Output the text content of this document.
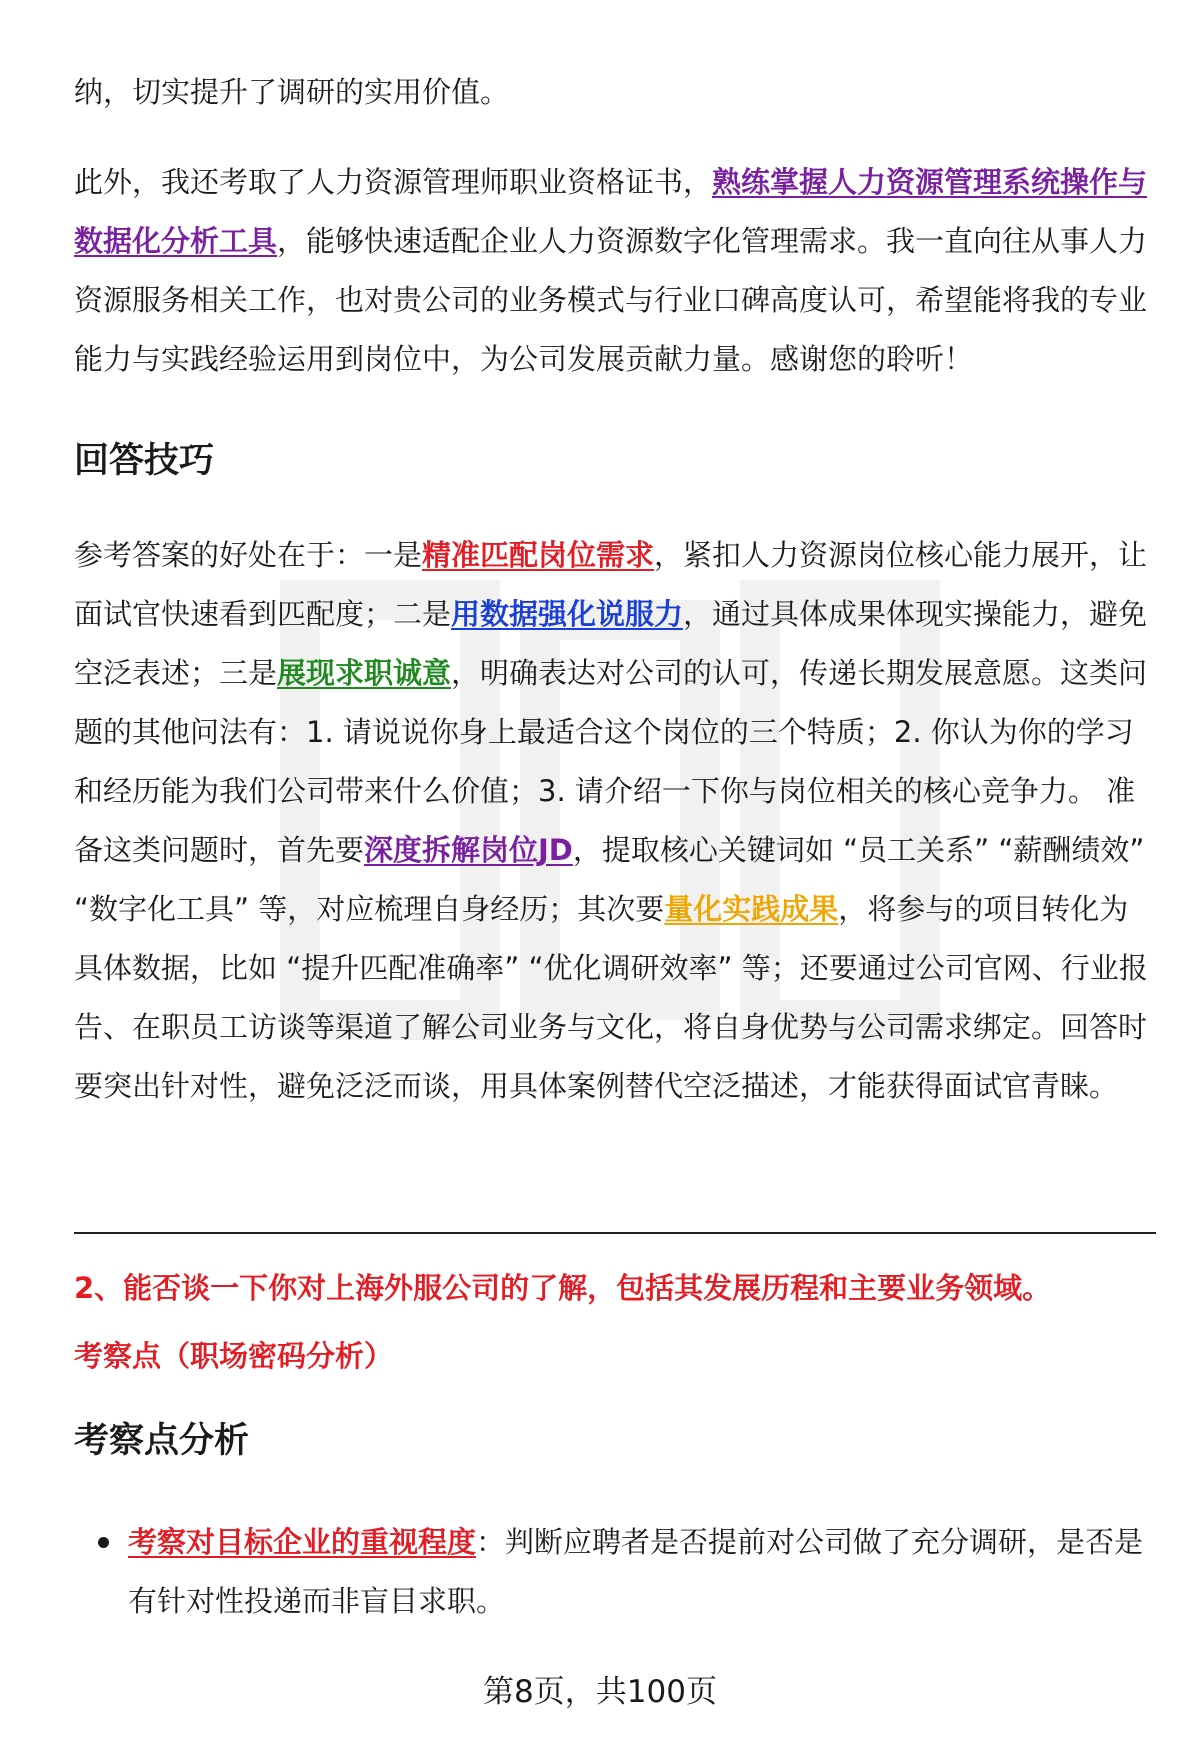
纳，切实提升了调研的实用价值。

此外，我还考取了人力资源管理师职业资格证书，熟练掌握人力资源管理系统操作与数据化分析工具，能够快速适配企业人力资源数字化管理需求。我一直向往从事人力资源服务相关工作，也对贵公司的业务模式与行业口碑高度认可，希望能将我的专业能力与实践经验运用到岗位中，为公司发展贡献力量。感谢您的聆听！

回答技巧

参考答案的好处在于：一是精准匹配岗位需求，紧扣人力资源岗位核心能力展开，让面试官快速看到匹配度；二是用数据强化说服力，通过具体成果体现实操能力，避免空泛表述；三是展现求职诚意，明确表达对公司的认可，传递长期发展意愿。这类问题的其他问法有：1. 请说说你身上最适合这个岗位的三个特质；2. 你认为你的学习和经历能为我们公司带来什么价值；3. 请介绍一下你与岗位相关的核心竞争力。 准备这类问题时，首先要深度拆解岗位JD，提取核心关键词如 “员工关系” “薪酬绩效” “数字化工具” 等，对应梳理自身经历；其次要量化实践成果，将参与的项目转化为具体数据，比如 “提升匹配准确率” “优化调研效率” 等；还要通过公司官网、行业报告、在职员工访谈等渠道了解公司业务与文化，将自身优势与公司需求绑定。回答时要突出针对性，避免泛泛而谈，用具体案例替代空泛描述，才能获得面试官青睐。

2、能否谈一下你对上海外服公司的了解，包括其发展历程和主要业务领域。

考察点（职场密码分析）

考察点分析

考察对目标企业的重视程度：判断应聘者是否提前对公司做了充分调研，是否是有针对性投递而非盲目求职。

第8页，共100页
